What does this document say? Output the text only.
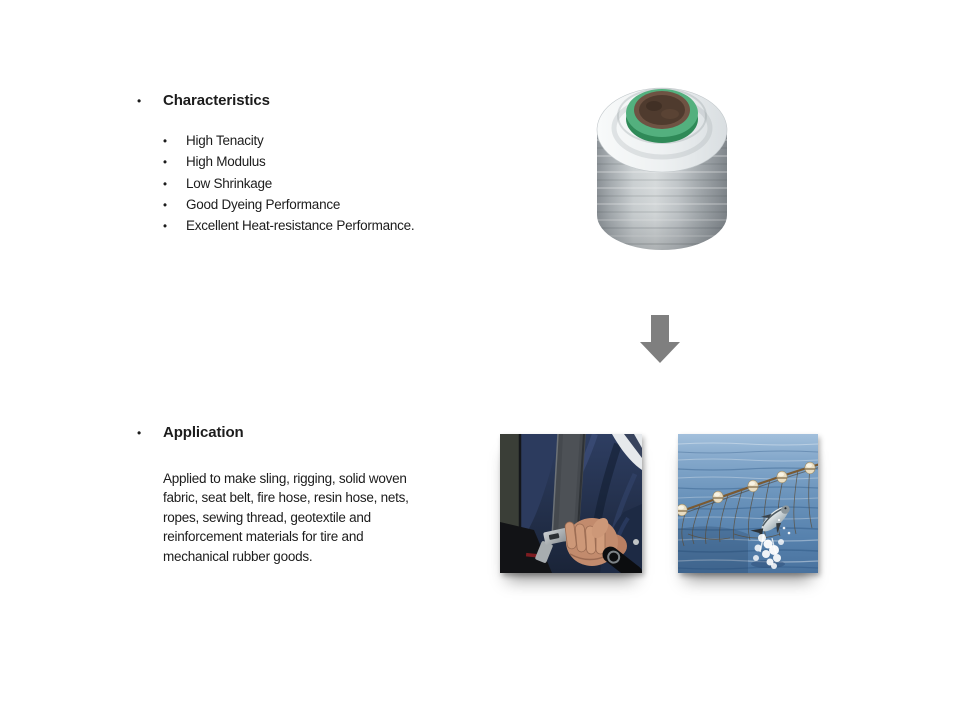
•	Characteristics
•	High Tenacity
•	High Modulus
•	Low Shrinkage
•	Good Dyeing Performance
•	Excellent Heat-resistance Performance.
•	Application
Applied to make sling, rigging, solid woven
fabric, seat belt, fire hose, resin hose, nets,
ropes, sewing thread, geotextile and
reinforcement materials for tire and
mechanical rubber goods.
